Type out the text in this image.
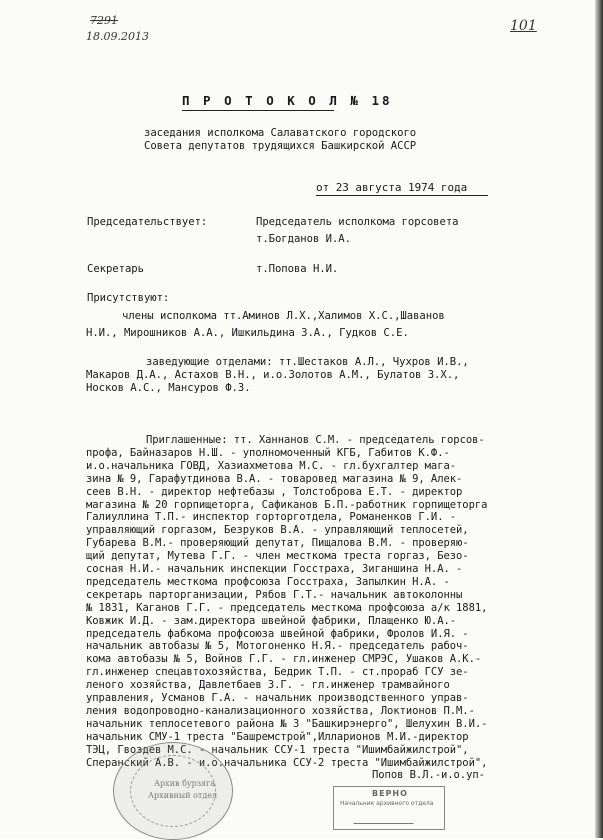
7291
18.09.2013
101
П Р О Т О К О Л № 18
заседания исполкома Салаватского городского
Совета депутатов трудящихся Башкирской АССР
от 23 августа 1974 года
Председательствует:	Председатель исполкома горсовета
т.Богданов И.А.
Секретарь	т.Попова Н.И.
Присутствуют:
члены исполкома тт.Аминов Л.Х.,Халимов Х.С.,Шаванов
Н.И., Мирошников А.А., Ишкильдина З.А., Гудков С.Е.
заведующие отделами: тт.Шестаков А.Л., Чухров И.В.,
Макаров Д.А., Астахов В.Н., и.о.Золотов А.М., Булатов З.Х.,
Носков А.С., Мансуров Ф.З.
Приглашенные: тт. Ханнанов С.М. - председатель горсов-
профа, Байназаров Н.Ш. - уполномоченный КГБ, Габитов К.Ф.-
и.о.начальника ГОВД, Хазиахметова М.С. - гл.бухгалтер мага-
зина № 9, Гарафутдинова В.А. - товаровед магазина № 9, Алек-
сеев В.Н. - директор нефтебазы , Толстоброва Е.Т. - директор
магазина № 20 горпищеторга, Сафиканов Б.П.-работник горпищеторга
Галиуллина Т.П.- инспектор горторготдела, Романенков Г.И. -
управляющий горгазом, Безруков В.А. - управляющий теплосетей,
Губарева В.М.- проверяющий депутат, Пищалова В.М. - проверяю-
щий депутат, Мутева Г.Г. - член месткома треста горгаз, Безо-
сосная Н.И.- начальник инспекции Госстраха, Зиганшина Н.А. -
председатель месткома профсоюза Госстраха, Запылкин Н.А. -
секретарь парторганизации, Рябов Г.Т.- начальник автоколонны
№ 1831, Каганов Г.Г. - председатель месткома профсоюза а/к 1881,
Ковжик И.Д. - зам.директора швейной фабрики, Плащенко Ю.А.-
председатель фабкома профсоюза швейной фабрики, Фролов И.Я. -
начальник автобазы № 5, Мотогоненко Н.Я.- председатель рабоч-
кома автобазы № 5, Войнов Г.Г. - гл.инженер СМРЭС, Ушаков А.К.-
гл.инженер спецавтохозяйства, Бедрик Т.П. - ст.прораб ГСУ зе-
леного хозяйства, Давлетбаев З.Г. - гл.инженер трамвайного
управления, Усманов Г.А. - начальник производственного управ-
ления водопроводно-канализационного хозяйства, Локтионов П.М.-
начальник теплосетевого района № 3 "Башкирэнерго", Шелухин В.И.-
начальник СМУ-1 треста "Башремстрой",Илларионов М.И.-директор
ТЭЦ, Гвоздев М.С. - начальник ССУ-1 треста "Ишимбайжилстрой",
Сперанский А.В. - и.о.начальника ССУ-2 треста "Ишимбайжилстрой",
Попов В.Л.-и.о.уп-
Архив бурзяга
Архивный отдел	ВЕРНО
Начальник архивного отдела
